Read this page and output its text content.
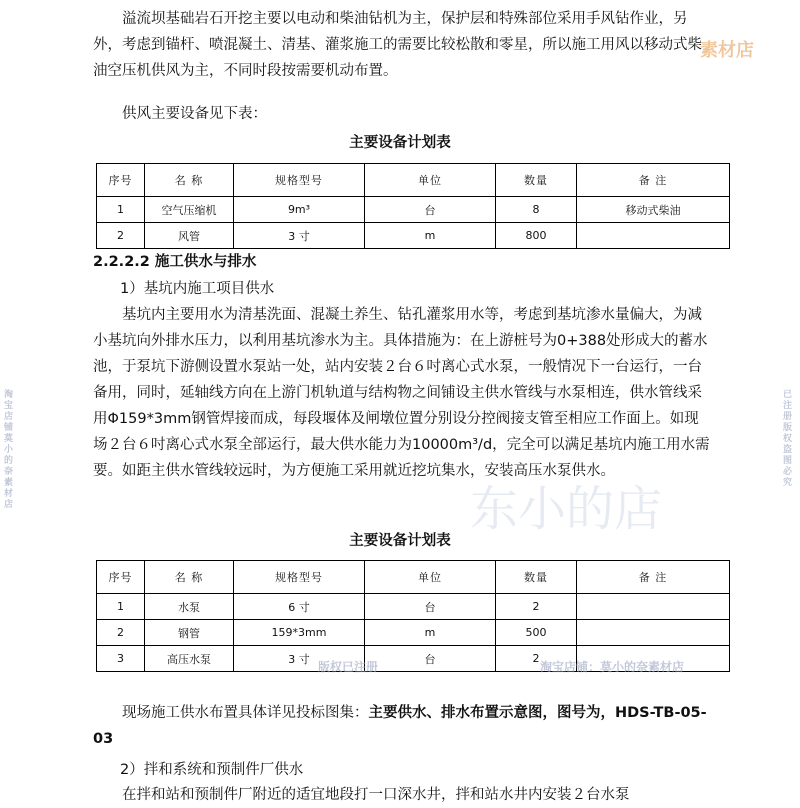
东小的店

溢流坝基础岩石开挖主要以电动和柴油钻机为主，保护层和特殊部位采用手风钻作业，另外，考虑到锚杆、喷混凝土、清基、灌浆施工的需要比较松散和零星，所以施工用风以移动式柴油空压机供风为主，不同时段按需要机动布置。

供风主要设备见下表：

主要设备计划表
序号	名 称	规格型号	单位	数量	备 注
1	空气压缩机	9m³	台	8	移动式柴油
2	风管	3 寸	m	800	
2.2.2.2 施工供水与排水
1）基坑内施工项目供水

基坑内主要用水为清基洗面、混凝土养生、钻孔灌浆用水等，考虑到基坑渗水量偏大，为减小基坑向外排水压力，以利用基坑渗水为主。具体措施为：在上游桩号为0+388处形成大的蓄水池，于泵坑下游侧设置水泵站一处，站内安装２台６吋离心式水泵，一般情况下一台运行，一台备用，同时，延轴线方向在上游门机轨道与结构物之间铺设主供水管线与水泵相连，供水管线采用Φ159*3mm钢管焊接而成，每段堰体及闸墩位置分别设分控阀接支管至相应工作面上。如现场２台６吋离心式水泵全部运行，最大供水能力为10000m³/d，完全可以满足基坑内施工用水需要。如距主供水管线较远时，为方便施工采用就近挖坑集水，安装高压水泵供水。

主要设备计划表
序号	名 称	规格型号	单位	数量	备 注
1	水泵	6 寸	台	2	
2	钢管	159*3mm	m	500	
3	高压水泵	3 寸	台	2	

现场施工供水布置具体详见投标图集：主要供水、排水布置示意图，图号为，HDS-TB-05-03

2）拌和系统和预制件厂供水

在拌和站和预制件厂附近的适宜地段打一口深水井，拌和站水井内安装２台水泵

素材店
版权已注册	淘宝店铺：莫小的奈素材店
淘宝店铺 莫小的奈素材店
已注册版权 盗图必究
